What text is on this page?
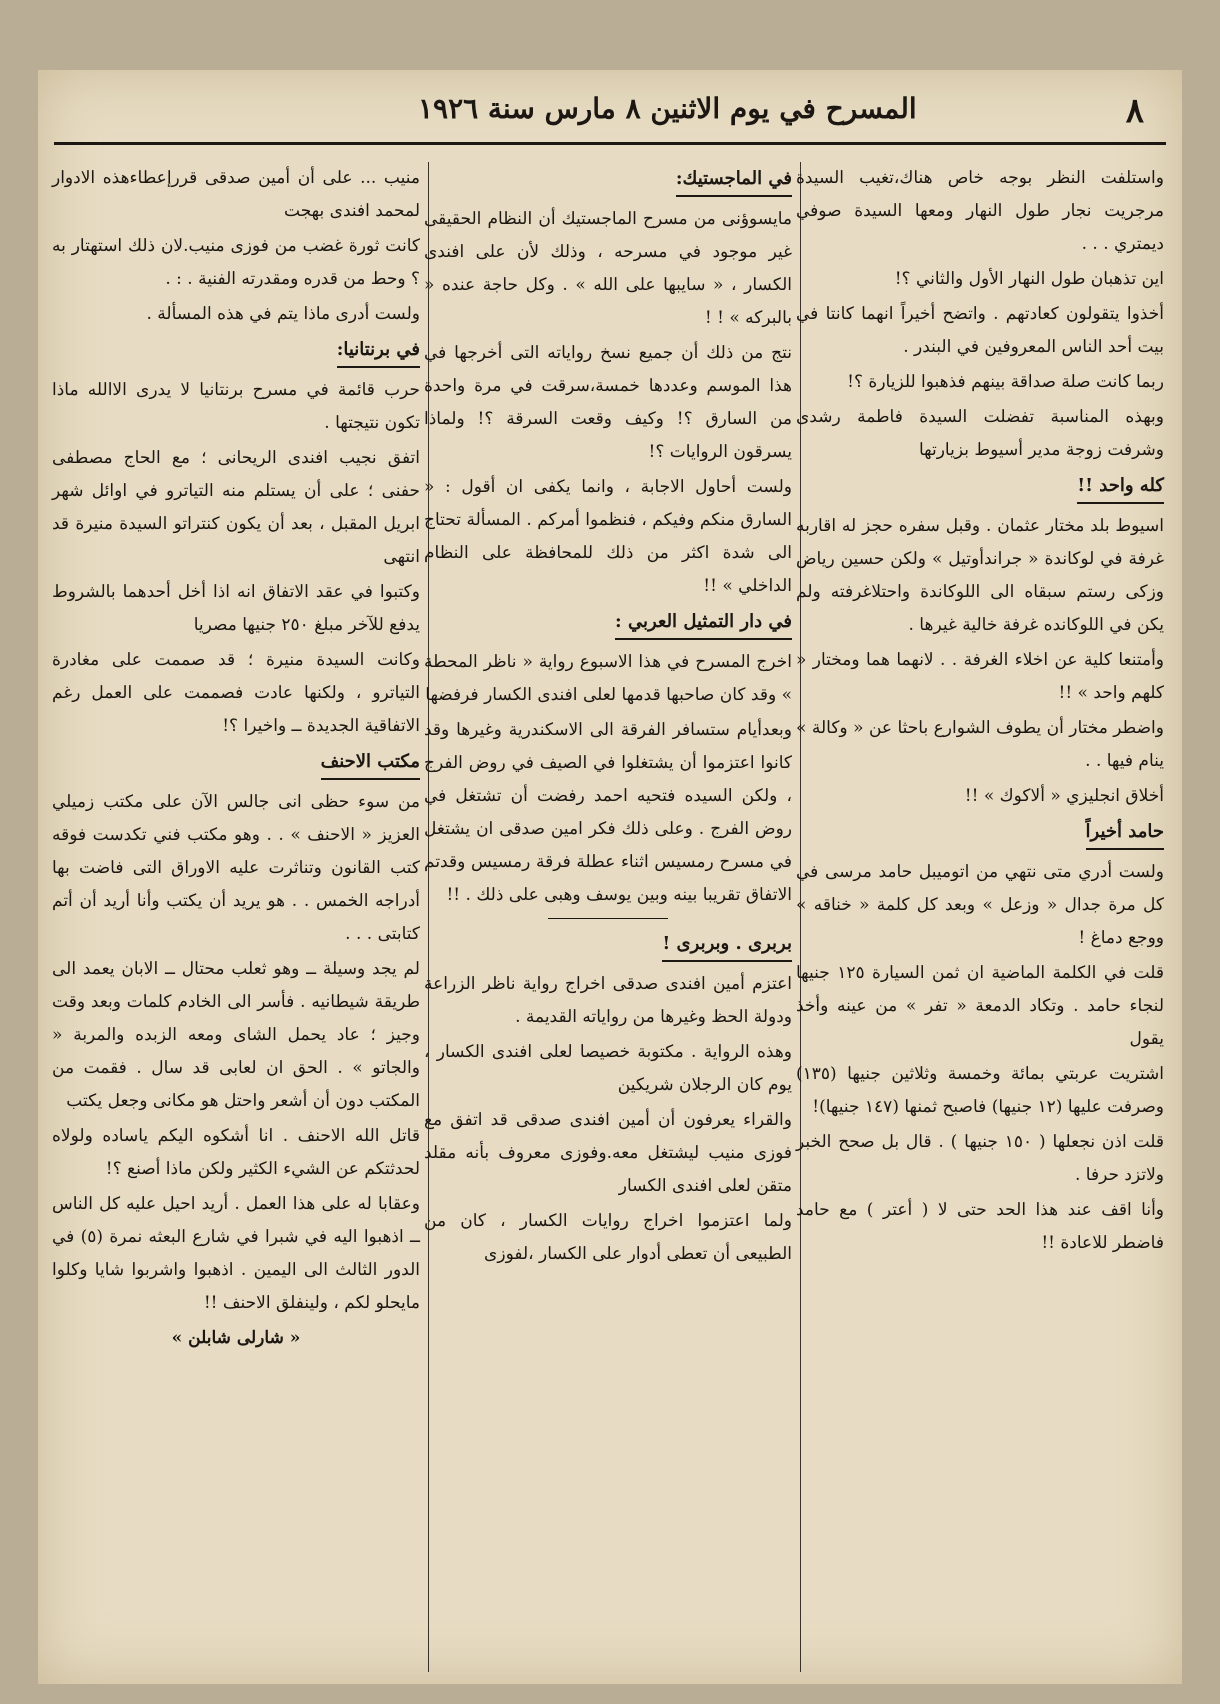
٨
المسرح في يوم الاثنين ٨ مارس سنة ١٩٢٦

واستلفت النظر بوجه خاص هناك،تغيب السيدة مرجريت نجار طول النهار ومعها السيدة صوفي ديمتري . . .

اين تذهبان طول النهار الأول والثاني ؟!

أخذوا يتقولون كعادتهم . واتضح أخيراً انهما كانتا في بيت أحد الناس المعروفين في البندر .

ربما كانت صلة صداقة بينهم فذهبوا للزيارة ؟!

وبهذه المناسبة تفضلت السيدة فاطمة رشدى وشرفت زوجة مدير أسيوط بزيارتها

كله واحد !!

اسيوط بلد مختار عثمان . وقبل سفره حجز له اقاربه غرفة في لوكاندة « جراندأوتيل » ولكن حسين رياض وزكى رستم سبقاه الى اللوكاندة واحتلاغرفته ولم يكن في اللوكانده غرفة خالية غيرها .

وأمتنعا كلية عن اخلاء الغرفة . . لانهما هما ومختار « كلهم واحد » !!

واضطر مختار أن يطوف الشوارع باحثا عن « وكالة » ينام فيها . .

أخلاق انجليزي « ألاكوك » !!

حامد أخيراً

ولست أدري متى نتهي من اتوميبل حامد مرسى في كل مرة جدال « وزعل » وبعد كل كلمة « خناقه » ووجع دماغ !

قلت في الكلمة الماضية ان ثمن السيارة ١٢٥ جنيها لنجاء حامد . وتكاد الدمعة « تفر » من عينه وأخذ يقول

اشتريت عربتي بمائة وخمسة وثلاثين جنيها (١٣٥) وصرفت عليها (١٢ جنيها) فاصبح ثمنها (١٤٧ جنيها)!

قلت اذن نجعلها ( ١٥٠ جنيها ) . قال بل صحح الخبر ولاتزد حرفا .

وأنا اقف عند هذا الحد حتى لا ( أعتر ) مع حامد فاضطر للاعادة !!

في الماجستيك:

مايسوؤنى من مسرح الماجستيك أن النظام الحقيقى غير موجود في مسرحه ، وذلك لأن على افندى الكسار ، « سايبها على الله » . وكل حاجة عنده « بالبركه » ! !

نتج من ذلك أن جميع نسخ رواياته التى أخرجها في هذا الموسم وعددها خمسة،سرقت في مرة واحدة من السارق ؟! وكيف وقعت السرقة ؟! ولماذا يسرقون الروايات ؟!

ولست أحاول الاجابة ، وانما يكفى ان أقول : « السارق منكم وفيكم ، فنظموا أمركم . المسألة تحتاج الى شدة اكثر من ذلك للمحافظة على النظام الداخلي » !!

في دار التمثيل العربي :

اخرج المسرح في هذا الاسبوع رواية « ناظر المحطة » وقد كان صاحبها قدمها لعلى افندى الكسار فرفضها

وبعدأيام ستسافر الفرقة الى الاسكندرية وغيرها وقد كانوا اعتزموا أن يشتغلوا في الصيف في روض الفرج ، ولكن السيده فتحيه احمد رفضت أن تشتغل في روض الفرج . وعلى ذلك فكر امين صدقى ان يشتغل في مسرح رمسيس اثناء عطلة فرقة رمسيس وقدتم الاتفاق تقريبا بينه وبين يوسف وهبى على ذلك . !!

بربرى . وبربرى !

اعتزم أمين افندى صدقى اخراج رواية ناظر الزراعة ودولة الحظ وغيرها من رواياته القديمة .

وهذه الرواية . مكتوبة خصيصا لعلى افندى الكسار ، يوم كان الرجلان شريكين

والقراء يعرفون أن أمين افندى صدقى قد اتفق مع فوزى منيب ليشتغل معه.وفوزى معروف بأنه مقلد متقن لعلى افندى الكسار

ولما اعتزموا اخراج روايات الكسار ، كان من الطبيعى أن تعطى أدوار على الكسار ،لفوزى

منيب ... على أن أمين صدقى قررإعطاءهذه الادوار لمحمد افندى بهجت

كانت ثورة غضب من فوزى منيب.لان ذلك استهتار به ؟ وحط من قدره ومقدرته الفنية . : .

ولست أدرى ماذا يتم في هذه المسألة .

في برنتانيا:

حرب قائمة في مسرح برنتانيا لا يدرى الاالله ماذا تكون نتيجتها .

اتفق نجيب افندى الريحانى ؛ مع الحاج مصطفى حفنى ؛ على أن يستلم منه التياترو في اوائل شهر ابريل المقبل ، بعد أن يكون كنتراتو السيدة منيرة قد انتهى

وكتبوا في عقد الاتفاق انه اذا أخل أحدهما بالشروط يدفع للآخر مبلغ ٢٥٠ جنيها مصريا

وكانت السيدة منيرة ؛ قد صممت على مغادرة التياترو ، ولكنها عادت فصممت على العمل رغم الاتفاقية الجديدة ــ واخيرا ؟!

مكتب الاحنف

من سوء حظى انى جالس الآن على مكتب زميلي العزيز « الاحنف » . . وهو مكتب فني تكدست فوقه كتب القانون وتناثرت عليه الاوراق التى فاضت بها أدراجه الخمس . . هو يريد أن يكتب وأنا أريد أن أتم كتابتى . . .

لم يجد وسيلة ــ وهو ثعلب محتال ــ الابان يعمد الى طريقة شيطانيه . فأسر الى الخادم كلمات وبعد وقت وجيز ؛ عاد يحمل الشاى ومعه الزبده والمربة « والجاتو » . الحق ان لعابى قد سال . فقمت من المكتب دون أن أشعر واحتل هو مكانى وجعل يكتب

قاتل الله الاحنف . انا أشكوه اليكم ياساده ولولاه لحدثتكم عن الشيء الكثير ولكن ماذا أصنع ؟!

وعقابا له على هذا العمل . أريد احيل عليه كل الناس ــ اذهبوا اليه في شبرا في شارع البعثه نمرة (٥) في الدور الثالث الى اليمين . اذهبوا واشربوا شايا وكلوا مايحلو لكم ، ولينفلق الاحنف !!

« شارلى شابلن »
